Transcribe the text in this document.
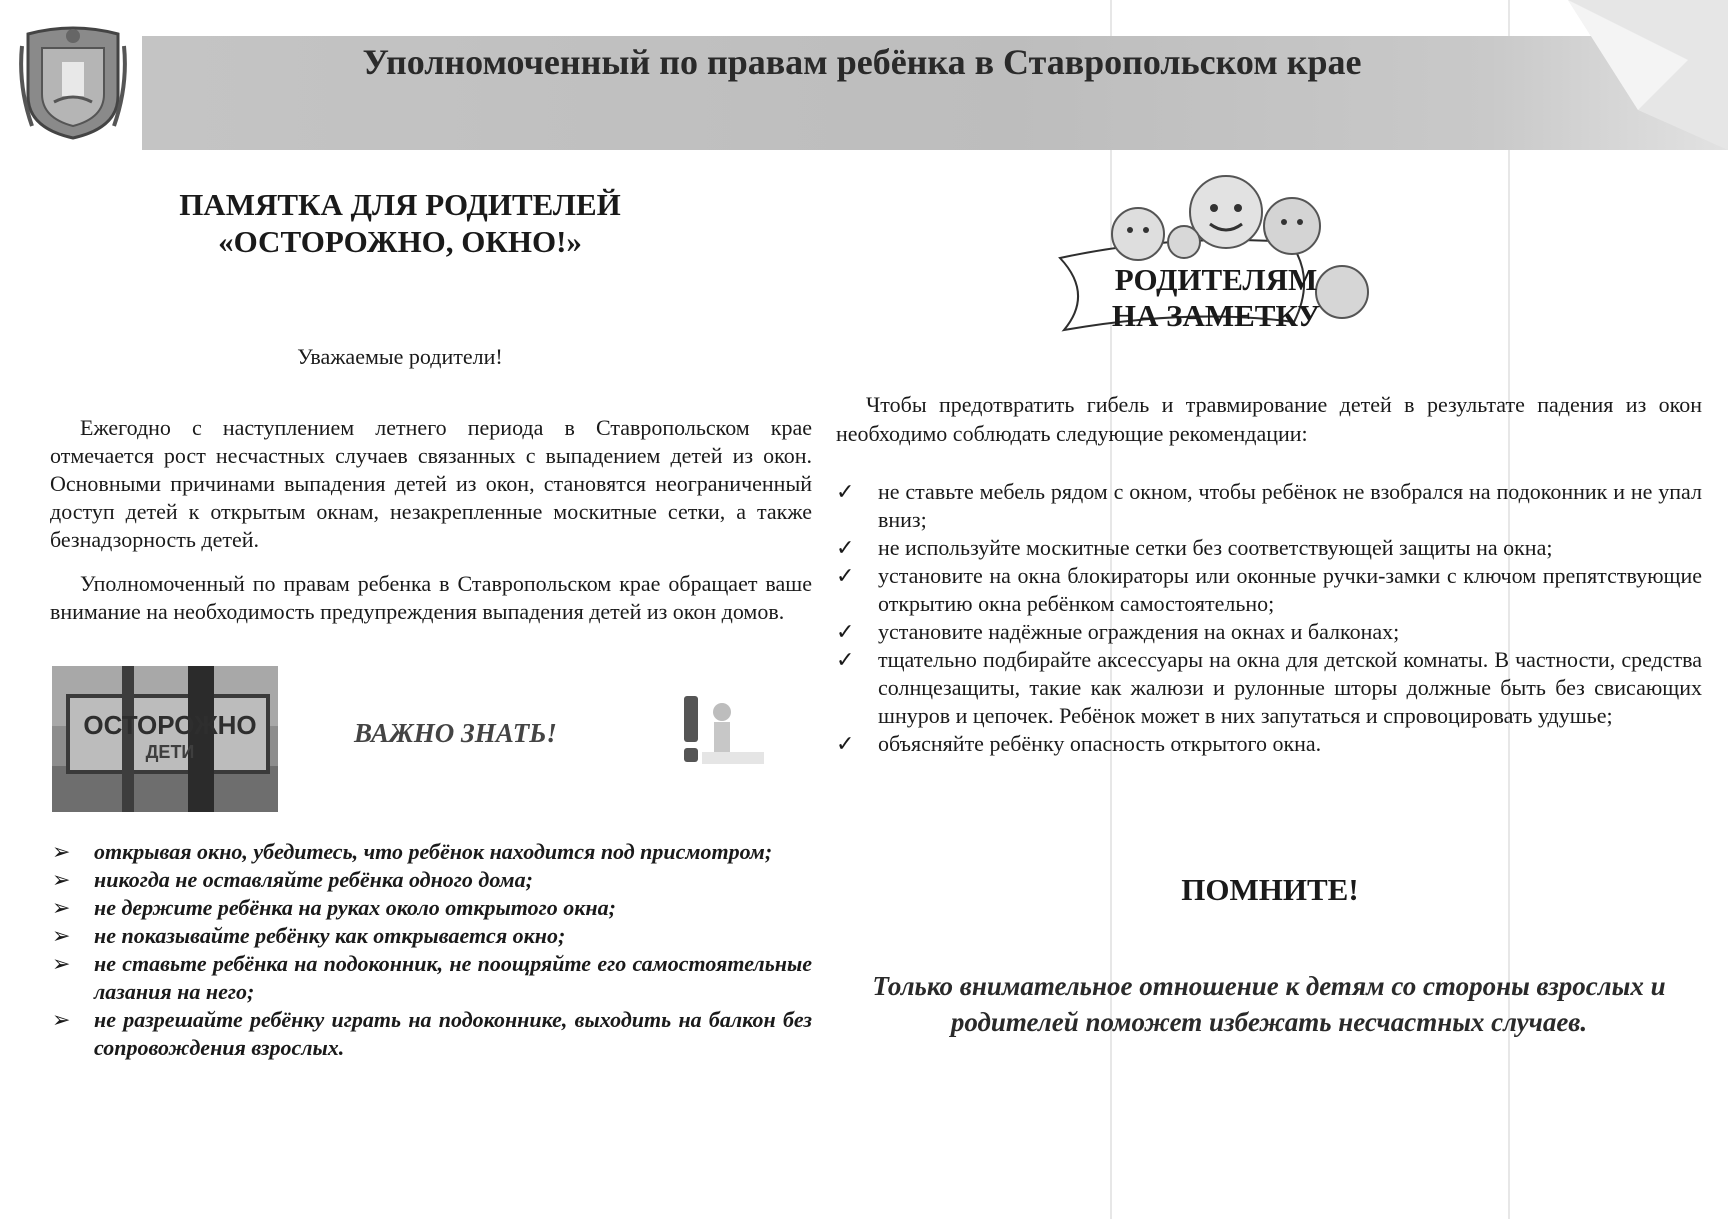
Уполномоченный по правам ребёнка в Ставропольском крае
ПАМЯТКА ДЛЯ РОДИТЕЛЕЙ
«ОСТОРОЖНО, ОКНО!»
Уважаемые родители!
Ежегодно с наступлением летнего периода в Ставропольском крае отмечается рост несчастных случаев связанных с выпадением детей из окон. Основными причинами выпадения детей из окон, становятся неограниченный доступ детей к открытым окнам, незакрепленные москитные сетки, а также безнадзорность детей.
Уполномоченный по правам ребенка в Ставропольском крае обращает ваше внимание на необходимость предупреждения выпадения детей из окон домов.
ОСТОРОЖНО
ДЕТИ
ВАЖНО ЗНАТЬ!
➢ открывая окно, убедитесь, что ребёнок находится под присмотром;
➢ никогда не оставляйте ребёнка одного дома;
➢ не держите ребёнка на руках около открытого окна;
➢ не показывайте ребёнку как открывается окно;
➢ не ставьте ребёнка на подоконник, не поощряйте его самостоятельные лазания на него;
➢ не разрешайте ребёнку играть на подоконнике, выходить на балкон без сопровождения взрослых.
РОДИТЕЛЯМ
НА ЗАМЕТКУ
Чтобы предотвратить гибель и травмирование детей в результате падения из окон необходимо соблюдать следующие рекомендации:
✓ не ставьте мебель рядом с окном, чтобы ребёнок не взобрался на подоконник и не упал вниз;
✓ не используйте москитные сетки без соответствующей защиты на окна;
✓ установите на окна блокираторы или оконные ручки-замки с ключом препятствующие открытию окна ребёнком самостоятельно;
✓ установите надёжные ограждения на окнах и балконах;
✓ тщательно подбирайте аксессуары на окна для детской комнаты. В частности, средства солнцезащиты, такие как жалюзи и рулонные шторы должные быть без свисающих шнуров и цепочек. Ребёнок может в них запутаться и спровоцировать удушье;
✓ объясняйте ребёнку опасность открытого окна.
ПОМНИТЕ!
Только внимательное отношение к детям со стороны взрослых и родителей поможет избежать несчастных случаев.
